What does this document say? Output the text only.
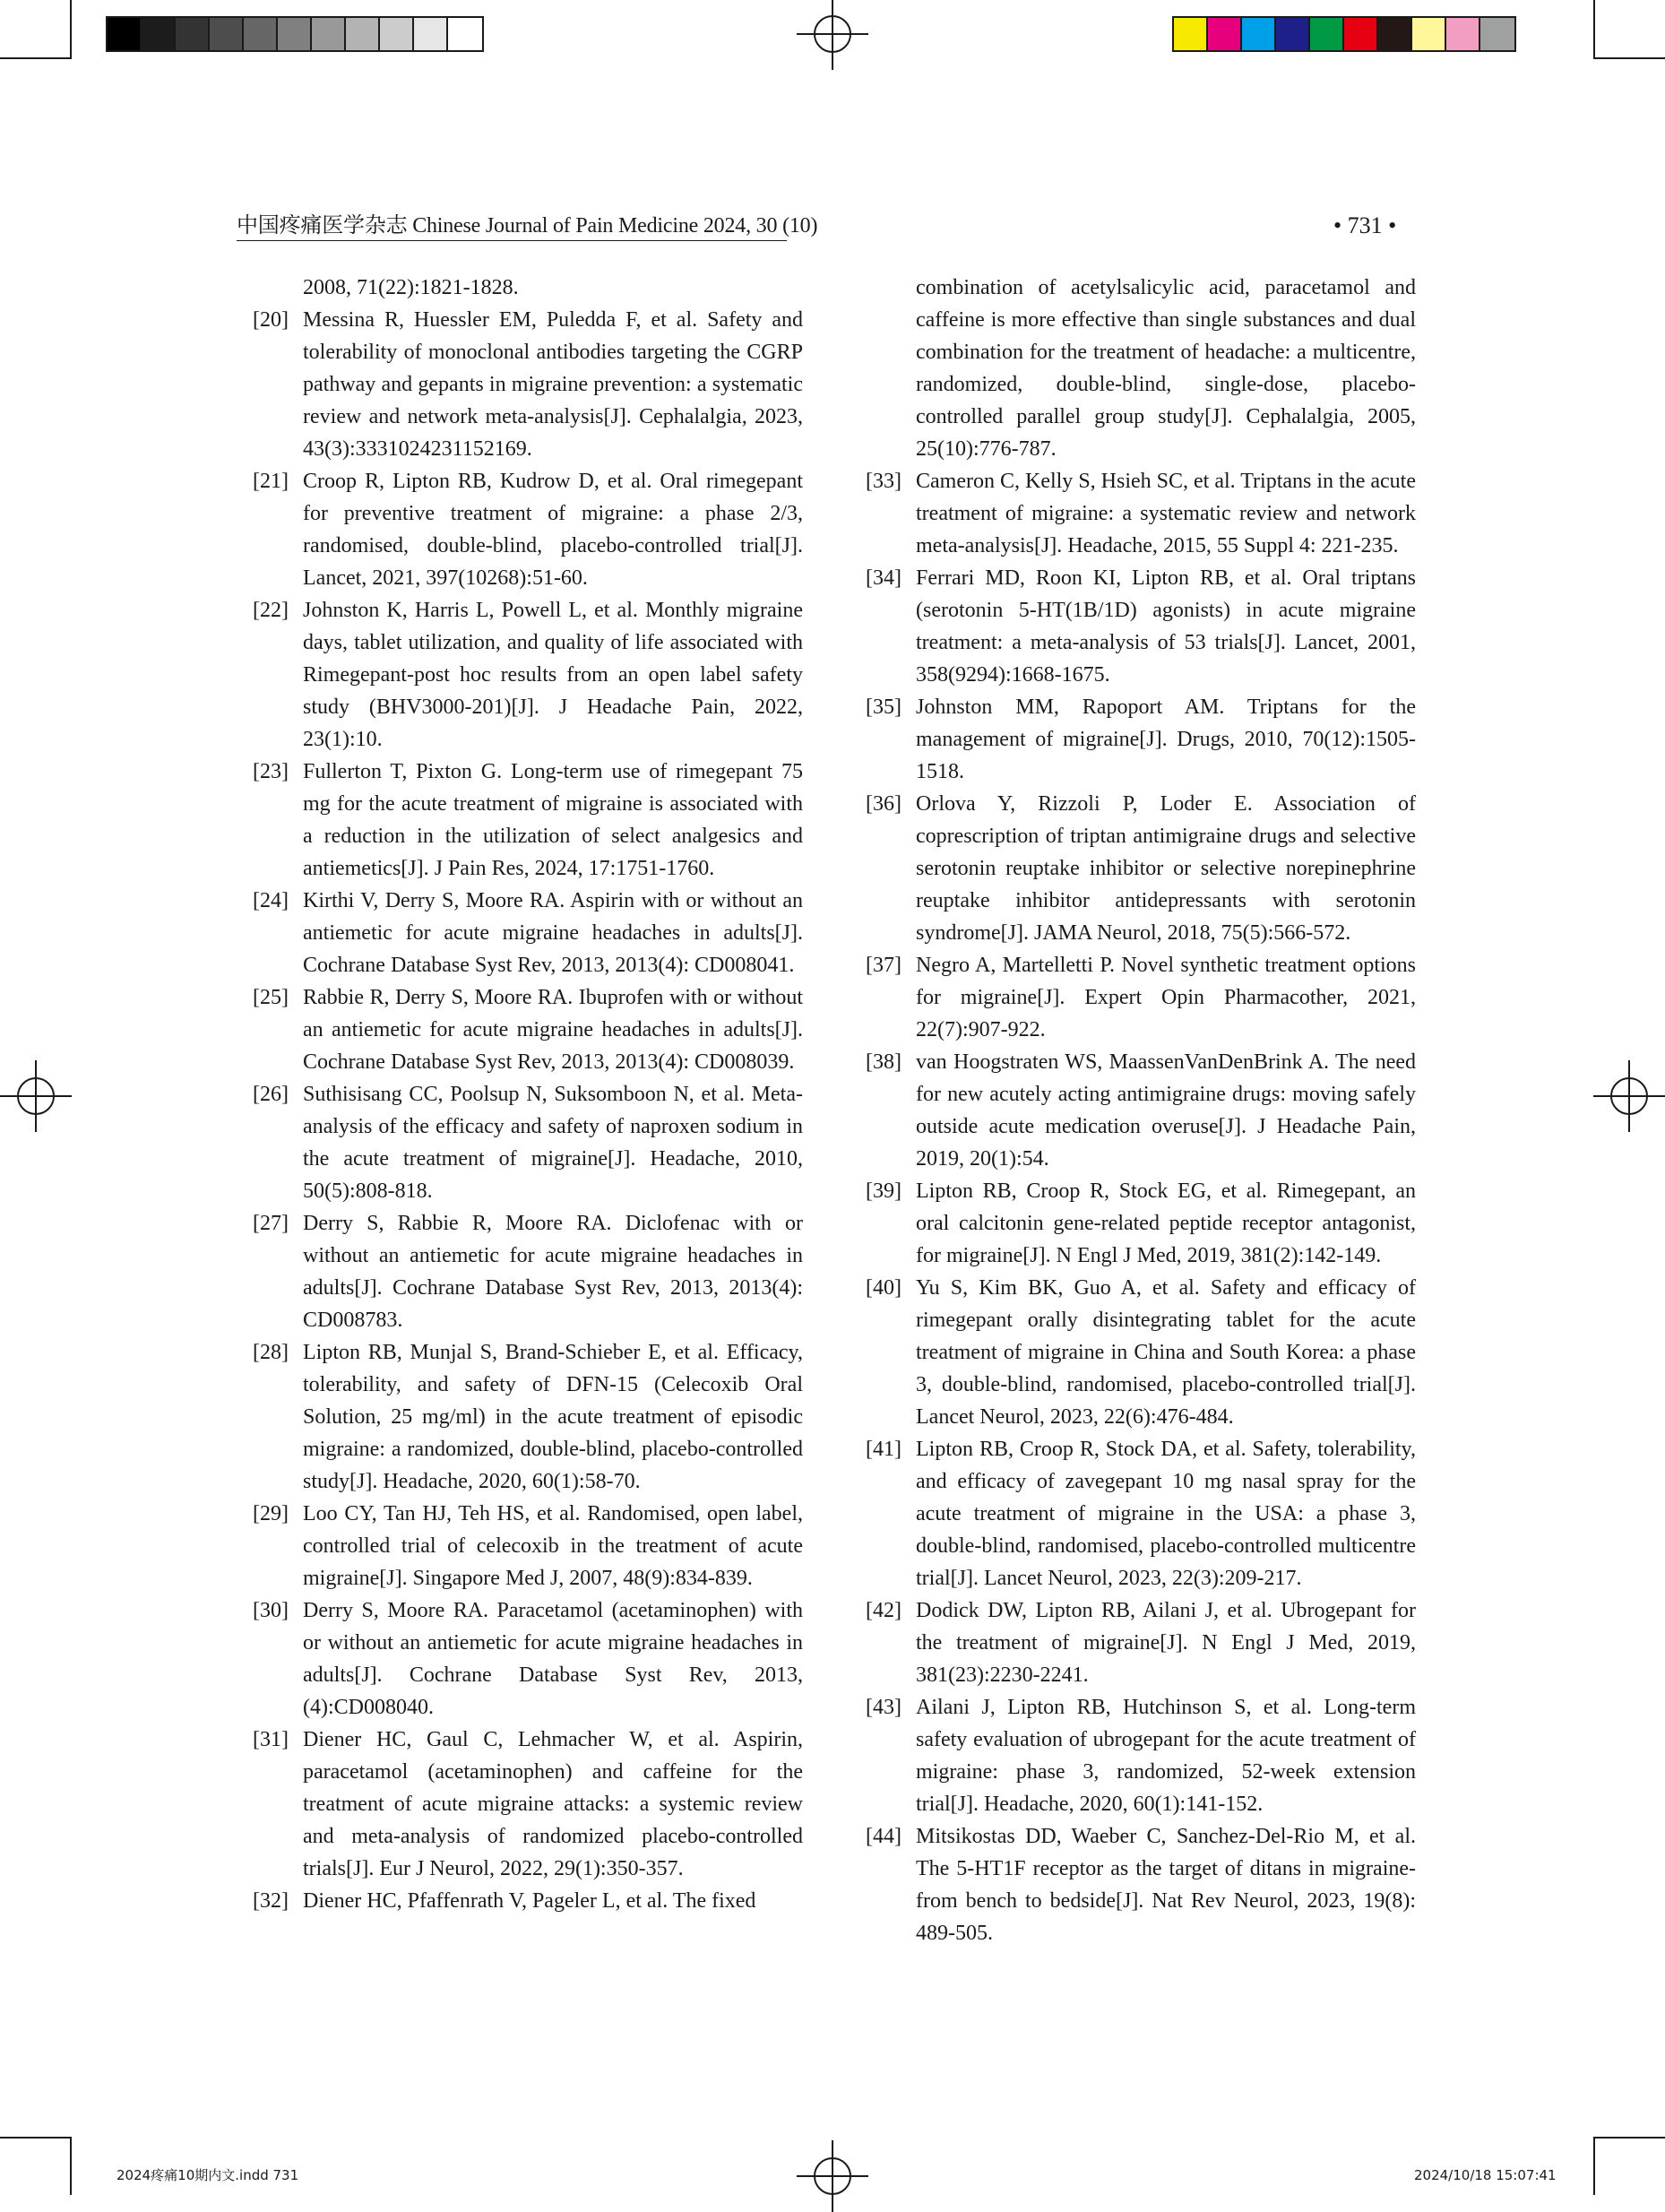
中国疼痛医学杂志 Chinese Journal of Pain Medicine 2024, 30 (10)	• 731 •
2008, 71(22):1821-1828.
[20] Messina R, Huessler EM, Puledda F, et al. Safety and tolerability of monoclonal antibodies targeting the CGRP pathway and gepants in migraine prevention: a systematic review and network meta-analysis[J]. Cephalalgia, 2023, 43(3):3331024231152169.
[21] Croop R, Lipton RB, Kudrow D, et al. Oral rimegepant for preventive treatment of migraine: a phase 2/3, randomised, double-blind, placebo-controlled trial[J]. Lancet, 2021, 397(10268):51-60.
[22] Johnston K, Harris L, Powell L, et al. Monthly migraine days, tablet utilization, and quality of life associated with Rimegepant-post hoc results from an open label safety study (BHV3000-201)[J]. J Headache Pain, 2022, 23(1):10.
[23] Fullerton T, Pixton G. Long-term use of rimegepant 75 mg for the acute treatment of migraine is associated with a reduction in the utilization of select analgesics and antiemetics[J]. J Pain Res, 2024, 17:1751-1760.
[24] Kirthi V, Derry S, Moore RA. Aspirin with or without an antiemetic for acute migraine headaches in adults[J]. Cochrane Database Syst Rev, 2013, 2013(4): CD008041.
[25] Rabbie R, Derry S, Moore RA. Ibuprofen with or without an antiemetic for acute migraine headaches in adults[J]. Cochrane Database Syst Rev, 2013, 2013(4): CD008039.
[26] Suthisisang CC, Poolsup N, Suksomboon N, et al. Meta-analysis of the efficacy and safety of naproxen sodium in the acute treatment of migraine[J]. Headache, 2010, 50(5):808-818.
[27] Derry S, Rabbie R, Moore RA. Diclofenac with or without an antiemetic for acute migraine headaches in adults[J]. Cochrane Database Syst Rev, 2013, 2013(4): CD008783.
[28] Lipton RB, Munjal S, Brand-Schieber E, et al. Efficacy, tolerability, and safety of DFN-15 (Celecoxib Oral Solution, 25 mg/ml) in the acute treatment of episodic migraine: a randomized, double-blind, placebo-controlled study[J]. Headache, 2020, 60(1):58-70.
[29] Loo CY, Tan HJ, Teh HS, et al. Randomised, open label, controlled trial of celecoxib in the treatment of acute migraine[J]. Singapore Med J, 2007, 48(9):834-839.
[30] Derry S, Moore RA. Paracetamol (acetaminophen) with or without an antiemetic for acute migraine headaches in adults[J]. Cochrane Database Syst Rev, 2013, (4):CD008040.
[31] Diener HC, Gaul C, Lehmacher W, et al. Aspirin, paracetamol (acetaminophen) and caffeine for the treatment of acute migraine attacks: a systemic review and meta-analysis of randomized placebo-controlled trials[J]. Eur J Neurol, 2022, 29(1):350-357.
[32] Diener HC, Pfaffenrath V, Pageler L, et al. The fixed
combination of acetylsalicylic acid, paracetamol and caffeine is more effective than single substances and dual combination for the treatment of headache: a multicentre, randomized, double-blind, single-dose, placebo-controlled parallel group study[J]. Cephalalgia, 2005, 25(10):776-787.
[33] Cameron C, Kelly S, Hsieh SC, et al. Triptans in the acute treatment of migraine: a systematic review and network meta-analysis[J]. Headache, 2015, 55 Suppl 4: 221-235.
[34] Ferrari MD, Roon KI, Lipton RB, et al. Oral triptans (serotonin 5-HT(1B/1D) agonists) in acute migraine treatment: a meta-analysis of 53 trials[J]. Lancet, 2001, 358(9294):1668-1675.
[35] Johnston MM, Rapoport AM. Triptans for the management of migraine[J]. Drugs, 2010, 70(12):1505-1518.
[36] Orlova Y, Rizzoli P, Loder E. Association of coprescription of triptan antimigraine drugs and selective serotonin reuptake inhibitor or selective norepinephrine reuptake inhibitor antidepressants with serotonin syndrome[J]. JAMA Neurol, 2018, 75(5):566-572.
[37] Negro A, Martelletti P. Novel synthetic treatment options for migraine[J]. Expert Opin Pharmacother, 2021, 22(7):907-922.
[38] van Hoogstraten WS, MaassenVanDenBrink A. The need for new acutely acting antimigraine drugs: moving safely outside acute medication overuse[J]. J Headache Pain, 2019, 20(1):54.
[39] Lipton RB, Croop R, Stock EG, et al. Rimegepant, an oral calcitonin gene-related peptide receptor antagonist, for migraine[J]. N Engl J Med, 2019, 381(2):142-149.
[40] Yu S, Kim BK, Guo A, et al. Safety and efficacy of rimegepant orally disintegrating tablet for the acute treatment of migraine in China and South Korea: a phase 3, double-blind, randomised, placebo-controlled trial[J]. Lancet Neurol, 2023, 22(6):476-484.
[41] Lipton RB, Croop R, Stock DA, et al. Safety, tolerability, and efficacy of zavegepant 10 mg nasal spray for the acute treatment of migraine in the USA: a phase 3, double-blind, randomised, placebo-controlled multicentre trial[J]. Lancet Neurol, 2023, 22(3):209-217.
[42] Dodick DW, Lipton RB, Ailani J, et al. Ubrogepant for the treatment of migraine[J]. N Engl J Med, 2019, 381(23):2230-2241.
[43] Ailani J, Lipton RB, Hutchinson S, et al. Long-term safety evaluation of ubrogepant for the acute treatment of migraine: phase 3, randomized, 52-week extension trial[J]. Headache, 2020, 60(1):141-152.
[44] Mitsikostas DD, Waeber C, Sanchez-Del-Rio M, et al. The 5-HT1F receptor as the target of ditans in migraine-from bench to bedside[J]. Nat Rev Neurol, 2023, 19(8): 489-505.
2024疼痛10期内文.indd 731	2024/10/18 15:07:41
